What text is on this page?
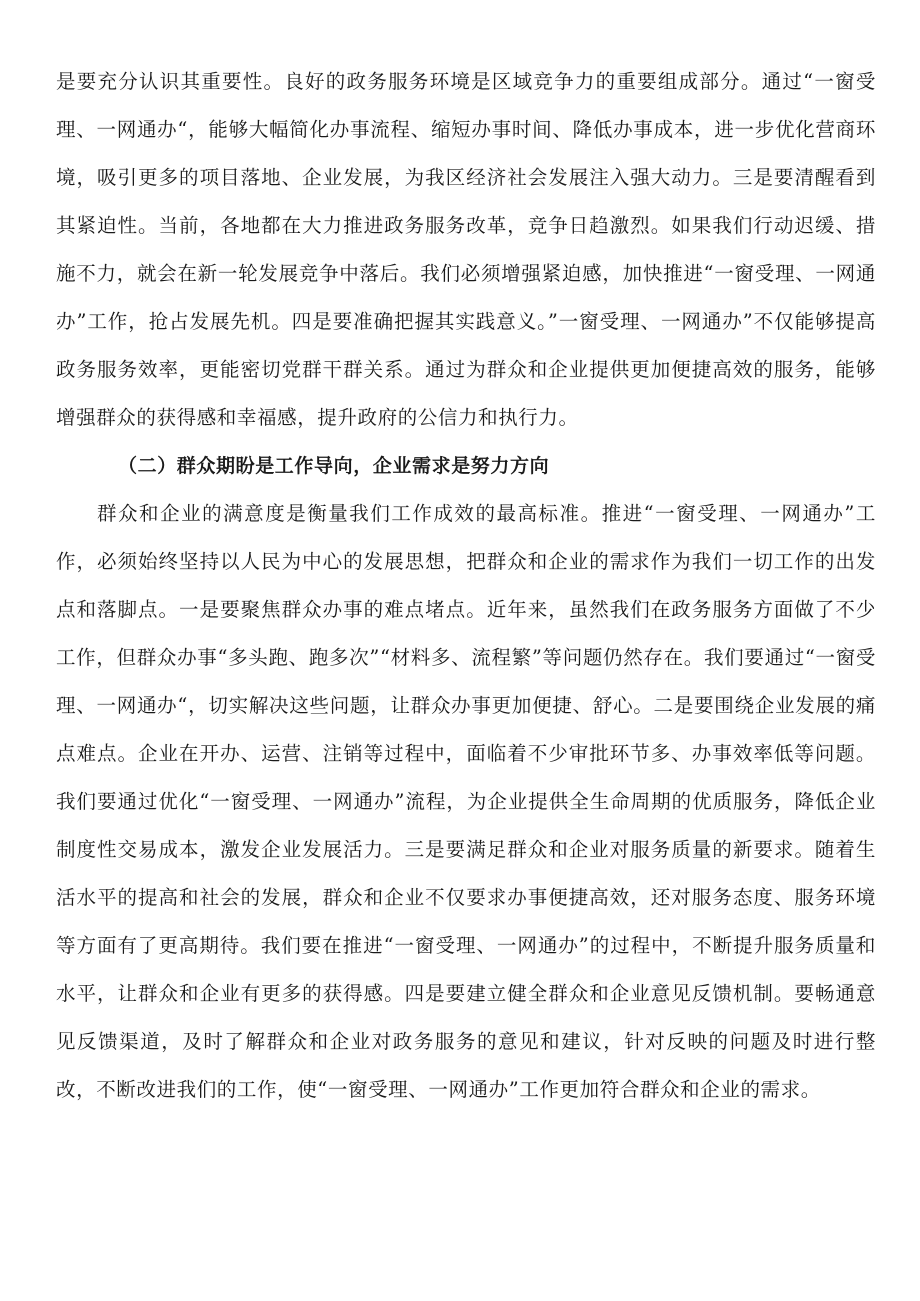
是要充分认识其重要性。良好的政务服务环境是区域竞争力的重要组成部分。通过“一窗受理、一网通办“，能够大幅简化办事流程、缩短办事时间、降低办事成本，进一步优化营商环境，吸引更多的项目落地、企业发展，为我区经济社会发展注入强大动力。三是要清醒看到其紧迫性。当前，各地都在大力推进政务服务改革，竞争日趋激烈。如果我们行动迟缓、措施不力，就会在新一轮发展竞争中落后。我们必须增强紧迫感，加快推进“一窗受理、一网通办”工作，抢占发展先机。四是要准确把握其实践意义。”一窗受理、一网通办”不仅能够提高政务服务效率，更能密切党群干群关系。通过为群众和企业提供更加便捷高效的服务，能够增强群众的获得感和幸福感，提升政府的公信力和执行力。

（二）群众期盼是工作导向，企业需求是努力方向

群众和企业的满意度是衡量我们工作成效的最高标准。推进“一窗受理、一网通办”工作，必须始终坚持以人民为中心的发展思想，把群众和企业的需求作为我们一切工作的出发点和落脚点。一是要聚焦群众办事的难点堵点。近年来，虽然我们在政务服务方面做了不少工作，但群众办事“多头跑、跑多次”“材料多、流程繁”等问题仍然存在。我们要通过“一窗受理、一网通办“，切实解决这些问题，让群众办事更加便捷、舒心。二是要围绕企业发展的痛点难点。企业在开办、运营、注销等过程中，面临着不少审批环节多、办事效率低等问题。我们要通过优化“一窗受理、一网通办”流程，为企业提供全生命周期的优质服务，降低企业制度性交易成本，激发企业发展活力。三是要满足群众和企业对服务质量的新要求。随着生活水平的提高和社会的发展，群众和企业不仅要求办事便捷高效，还对服务态度、服务环境等方面有了更高期待。我们要在推进“一窗受理、一网通办”的过程中，不断提升服务质量和水平，让群众和企业有更多的获得感。四是要建立健全群众和企业意见反馈机制。要畅通意见反馈渠道，及时了解群众和企业对政务服务的意见和建议，针对反映的问题及时进行整改，不断改进我们的工作，使“一窗受理、一网通办”工作更加符合群众和企业的需求。
